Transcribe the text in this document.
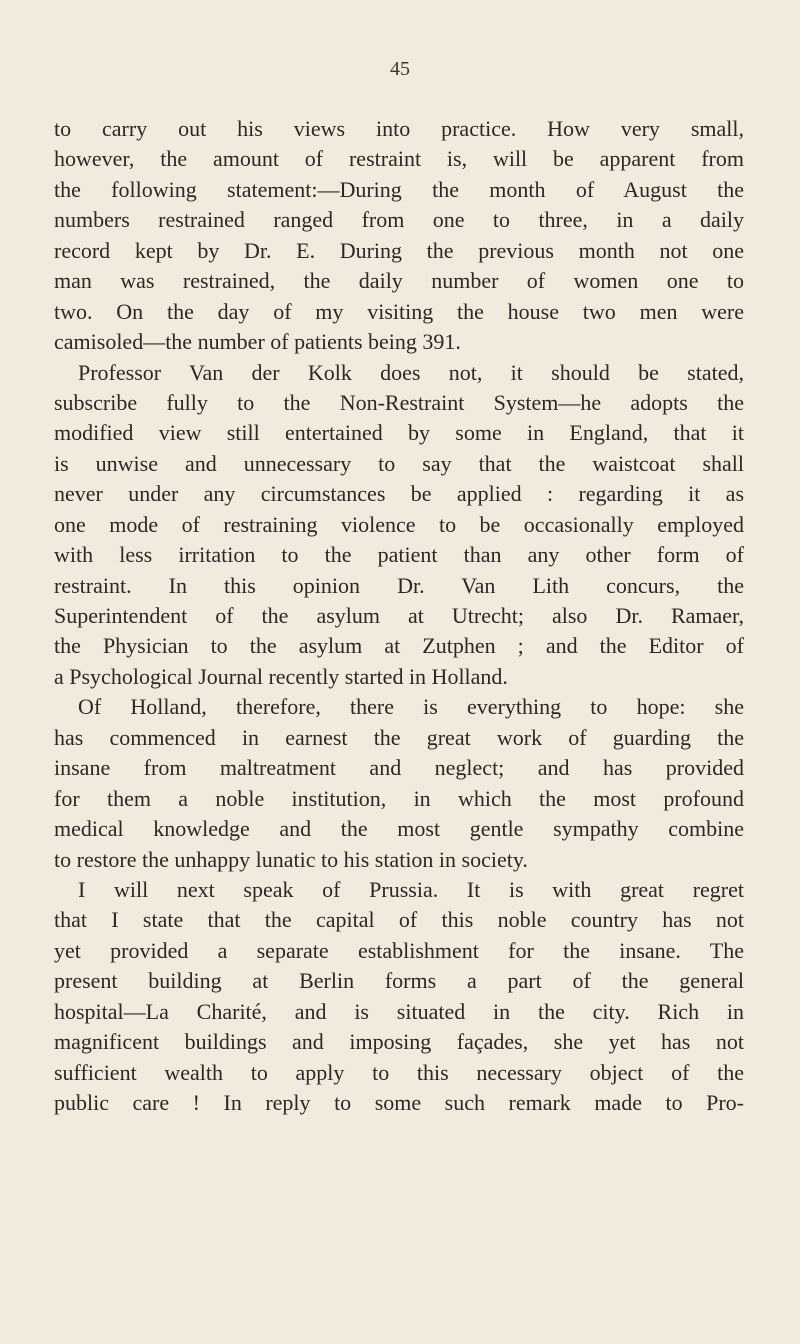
45
to carry out his views into practice. How very small,
however, the amount of restraint is, will be apparent from
the following statement:—During the month of August the
numbers restrained ranged from one to three, in a daily
record kept by Dr. E. During the previous month not one
man was restrained, the daily number of women one to
two. On the day of my visiting the house two men were
camisoled—the number of patients being 391.
Professor Van der Kolk does not, it should be stated,
subscribe fully to the Non-Restraint System—he adopts the
modified view still entertained by some in England, that it
is unwise and unnecessary to say that the waistcoat shall
never under any circumstances be applied : regarding it as
one mode of restraining violence to be occasionally employed
with less irritation to the patient than any other form of
restraint. In this opinion Dr. Van Lith concurs, the
Superintendent of the asylum at Utrecht; also Dr. Ramaer,
the Physician to the asylum at Zutphen ; and the Editor of
a Psychological Journal recently started in Holland.
Of Holland, therefore, there is everything to hope: she
has commenced in earnest the great work of guarding the
insane from maltreatment and neglect; and has provided
for them a noble institution, in which the most profound
medical knowledge and the most gentle sympathy combine
to restore the unhappy lunatic to his station in society.
I will next speak of Prussia. It is with great regret
that I state that the capital of this noble country has not
yet provided a separate establishment for the insane. The
present building at Berlin forms a part of the general
hospital—La Charité, and is situated in the city. Rich in
magnificent buildings and imposing façades, she yet has not
sufficient wealth to apply to this necessary object of the
public care ! In reply to some such remark made to Pro-
